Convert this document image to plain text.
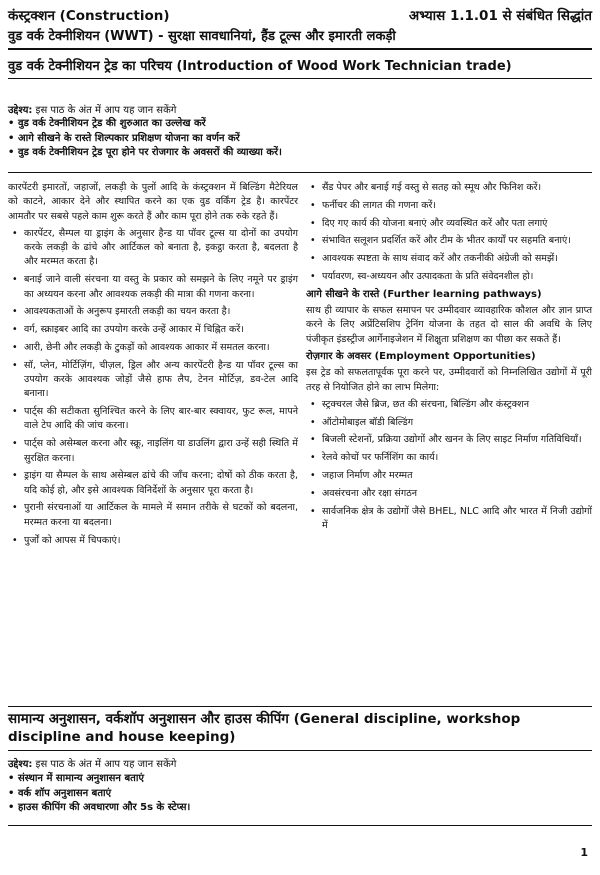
कंस्ट्रक्शन (Construction)	अभ्यास 1.1.01 से संबंधित सिद्धांत
वुड वर्क टेक्नीशियन (WWT) - सुरक्षा सावधानियां, हैंड टूल्स और इमारती लकड़ी
वुड वर्क टेक्नीशियन ट्रेड का परिचय (Introduction of Wood Work Technician trade)
उद्देश्य: इस पाठ के अंत में आप यह जान सकेंगे
• वुड वर्क टेक्नीशियन ट्रेड की शुरुआत का उल्लेख करें
• आगे सीखने के रास्ते शिल्पकार प्रशिक्षण योजना का वर्णन करें
• वुड वर्क टेक्नीशियन ट्रेड पूरा होने पर रोजगार के अवसरों की व्याख्या करें।

कारपेंटरी इमारतों, जहाजों, लकड़ी के पुलों आदि के कंस्ट्रक्शन में बिल्डिंग मैटेरियल को काटने, आकार देने और स्थापित करने का एक वुड वर्किंग ट्रेड है। कारपेंटर आमतौर पर सबसे पहले काम शुरू करते हैं और काम पूरा होने तक रुके रहते हैं।

• कारपेंटर, सैम्पल या ड्राइंग के अनुसार हैन्ड या पॉवर टूल्स या दोनों का उपयोग करके लकड़ी के ढांचे और आर्टिकल को बनाता है, इकट्ठा करता है, बदलता है और मरम्मत करता है।
• बनाई जाने वाली संरचना या वस्तु के प्रकार को समझने के लिए नमूने पर ड्राइंग का अध्ययन करना और आवश्यक लकड़ी की मात्रा की गणना करना।
• आवश्यकताओं के अनुरूप इमारती लकड़ी का चयन करता है।
• वर्ग, स्क्राइबर आदि का उपयोग करके उन्हें आकार में चिह्नित करें।
• आरी, छेनी और लकड़ी के टुकड़ों को आवश्यक आकार में समतल करना।
• सॉ, प्लेन, मोर्टिज़िंग, चीज़ल, ड्रिल और अन्य कारपेंटरी हैन्ड या पॉवर टूल्स का उपयोग करके आवश्यक जोड़ों जैसे हाफ लैप, टेनन मोर्टिज़, डव-टेल आदि बनाना।
• पार्ट्स की सटीकता सुनिश्चित करने के लिए बार-बार स्क्वायर, फुट रूल, मापने वाले टेप आदि की जांच करना।
• पार्ट्स को असेम्बल करना और स्क्रू, नाइलिंग या डाउलिंग द्वारा उन्हें सही स्थिति में सुरक्षित करना।
• ड्राइंग या सैम्पल के साथ असेम्बल ढांचे की जाँच करना; दोषों को ठीक करता है, यदि कोई हो, और इसे आवश्यक विनिर्देशों के अनुसार पूरा करता है।
• पुरानी संरचनाओं या आर्टिकल के मामले में समान तरीके से घटकों को बदलना, मरम्मत करना या बदलना।
• पुर्जों को आपस में चिपकाएं।
• सैंड पेपर और बनाई गई वस्तु से सतह को स्मूथ और फिनिश करें।
• फर्नीचर की लागत की गणना करें।
• दिए गए कार्य की योजना बनाएं और व्यवस्थित करें और पता लगाएं
• संभावित सलूशन प्रदर्शित करें और टीम के भीतर कार्यों पर सहमति बनाएं।
• आवश्यक स्पष्टता के साथ संवाद करें और तकनीकी अंग्रेजी को समझें।
• पर्यावरण, स्व-अध्ययन और उत्पादकता के प्रति संवेदनशील हो।
आगे सीखने के रास्ते (Further learning pathways)

साथ ही व्यापार के सफल समापन पर उम्मीदवार व्यावहारिक कौशल और ज्ञान प्राप्त करने के लिए अप्रेंटिसशिप ट्रेनिंग योजना के तहत दो साल की अवधि के लिए पंजीकृत इंडस्ट्रीज आर्गेनाइजेशन में शिक्षुता प्रशिक्षण का पीछा कर सकते हैं।

रोज़गार के अवसर (Employment Opportunities)

इस ट्रेड को सफलतापूर्वक पूरा करने पर, उम्मीदवारों को निम्नलिखित उद्योगों में पूरी तरह से नियोजित होने का लाभ मिलेगा:

• स्ट्रक्चरल जैसे ब्रिज, छत की संरचना, बिल्डिंग और कंस्ट्रक्शन
• ऑटोमोबाइल बॉडी बिल्डिंग
• बिजली स्टेशनों, प्रक्रिया उद्योगों और खनन के लिए साइट निर्माण गतिविधियाँ।
• रेलवे कोचों पर फर्निशिंग का कार्य।
• जहाज निर्माण और मरम्मत
• अवसंरचना और रक्षा संगठन
• सार्वजनिक क्षेत्र के उद्योगों जैसे BHEL, NLC आदि और भारत में निजी उद्योगों में
सामान्य अनुशासन, वर्कशॉप अनुशासन और हाउस कीपिंग (General discipline, workshop discipline and house keeping)
उद्देश्य: इस पाठ के अंत में आप यह जान सकेंगे
• संस्थान में सामान्य अनुशासन बताएं
• वर्क शॉप अनुशासन बताएं
• हाउस कीपिंग की अवधारणा और 5s के स्टेप्स।
1
